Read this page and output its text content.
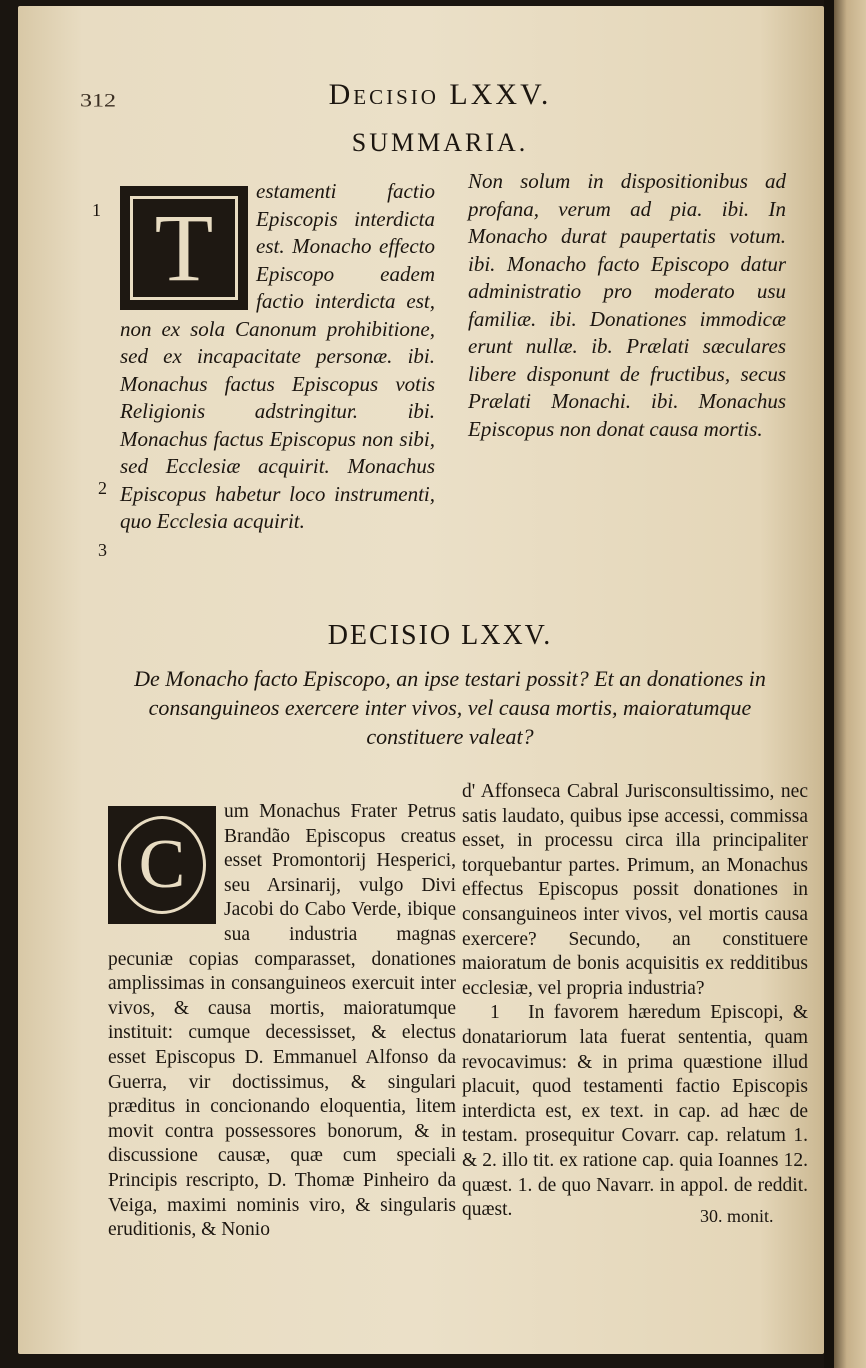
312	Decisio LXXV.
SUMMARIA.
1
2
3
T
estamenti factio Episcopis interdicta est. Monacho effecto Episcopo eadem factio interdicta est, non ex sola Canonum prohibitione, sed ex incapacitate personæ. ibi. Monachus factus Episcopus votis Religionis adstringitur. ibi. Monachus factus Episcopus non sibi, sed Ecclesiæ acquirit. Monachus Episcopus habetur loco instrumenti, quo Ecclesia acquirit.
Non solum in dispositionibus ad profana, verum ad pia. ibi. In Monacho durat paupertatis votum. ibi. Monacho facto Episcopo datur administratio pro moderato usu familiæ. ibi. Donationes immodicæ erunt nullæ. ib. Prælati sæculares libere disponunt de fructibus, secus Prælati Monachi. ibi. Monachus Episcopus non donat causa mortis.
DECISIO LXXV.
De Monacho facto Episcopo, an ipse testari possit? Et an donationes in consanguineos exercere inter vivos, vel causa mortis, maioratumque constituere valeat?
C
um Monachus Frater Petrus Brandão Episcopus creatus esset Promontorij Hesperici, seu Arsinarij, vulgo Divi Jacobi do Cabo Verde, ibique sua industria magnas pecuniæ copias comparasset, donationes amplissimas in consanguineos exercuit inter vivos, & causa mortis, maioratumque instituit: cumque decessisset, & electus esset Episcopus D. Emmanuel Alfonso da Guerra, vir doctissimus, & singulari præditus in concionando eloquentia, litem movit contra possessores bonorum, & in discussione causæ, quæ cum speciali Principis rescripto, D. Thomæ Pinheiro da Veiga, maximi nominis viro, & singularis eruditionis, & Nonio
d' Affonseca Cabral Jurisconsultissimo, nec satis laudato, quibus ipse accessi, commissa esset, in processu circa illa principaliter torquebantur partes. Primum, an Monachus effectus Episcopus possit donationes in consanguineos inter vivos, vel mortis causa exercere? Secundo, an constituere maioratum de bonis acquisitis ex redditibus ecclesiæ, vel propria industria?
1 In favorem hæredum Episcopi, & donatariorum lata fuerat sententia, quam revocavimus: & in prima quæstione illud placuit, quod testamenti factio Episcopis interdicta est, ex text. in cap. ad hæc de testam. prosequitur Covarr. cap. relatum 1. & 2. illo tit. ex ratione cap. quia Ioannes 12. quæst. 1. de quo Navarr. in appol. de reddit. quæst.	30. monit.
